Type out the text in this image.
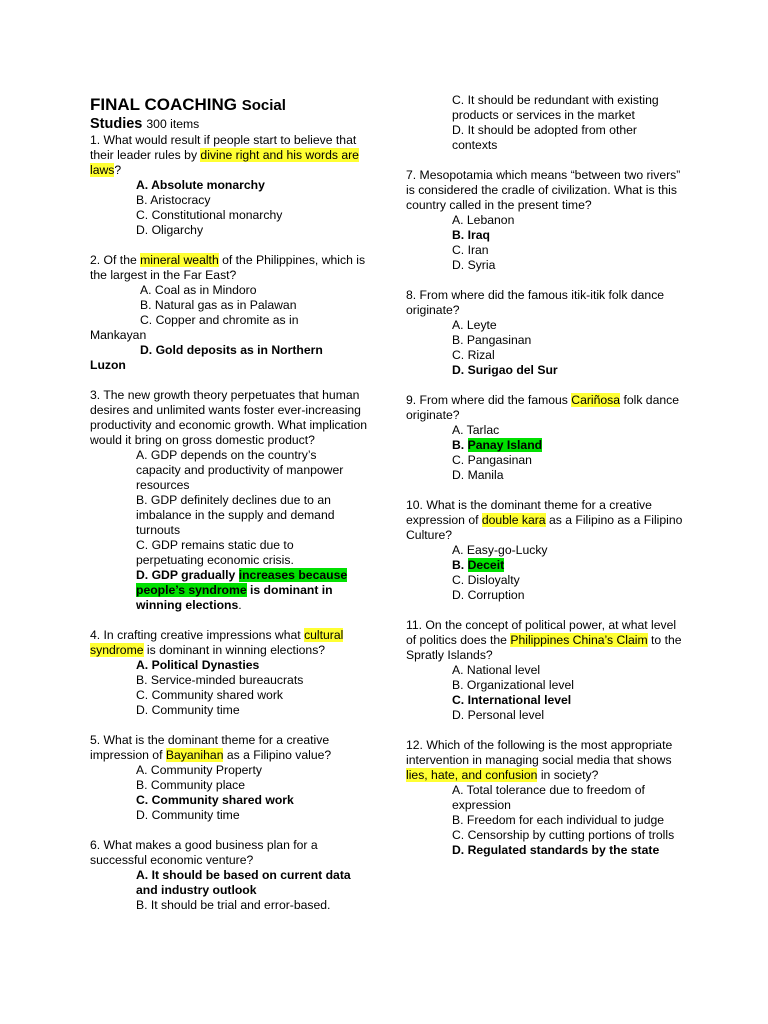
FINAL COACHING Social
Studies 300 items
1. What would result if people start to believe that their leader rules by divine right and his words are laws?
A. Absolute monarchy
B. Aristocracy
C. Constitutional monarchy
D. Oligarchy
2. Of the mineral wealth of the Philippines, which is the largest in the Far East?
A. Coal as in Mindoro
B. Natural gas as in Palawan
C. Copper and chromite as in
Mankayan
D. Gold deposits as in Northern
Luzon
3. The new growth theory perpetuates that human desires and unlimited wants foster ever-increasing productivity and economic growth. What implication would it bring on gross domestic product?
A. GDP depends on the country’s capacity and productivity of manpower resources
B. GDP definitely declines due to an imbalance in the supply and demand turnouts
C. GDP remains static due to perpetuating economic crisis.
D. GDP gradually increases because people’s syndrome is dominant in winning elections.
4. In crafting creative impressions what cultural syndrome is dominant in winning elections?
A. Political Dynasties
B. Service-minded bureaucrats
C. Community shared work
D. Community time
5. What is the dominant theme for a creative impression of Bayanihan as a Filipino value?
A. Community Property
B. Community place
C. Community shared work
D. Community time
6. What makes a good business plan for a successful economic venture?
A. It should be based on current data and industry outlook
B. It should be trial and error-based.
C. It should be redundant with existing products or services in the market
D. It should be adopted from other contexts
7. Mesopotamia which means “between two rivers” is considered the cradle of civilization. What is this country called in the present time?
A. Lebanon
B. Iraq
C. Iran
D. Syria
8. From where did the famous itik-itik folk dance originate?
A. Leyte
B. Pangasinan
C. Rizal
D. Surigao del Sur
9. From where did the famous Cariñosa folk dance originate?
A. Tarlac
B. Panay Island
C. Pangasinan
D. Manila
10. What is the dominant theme for a creative expression of double kara as a Filipino as a Filipino Culture?
A. Easy-go-Lucky
B. Deceit
C. Disloyalty
D. Corruption
11. On the concept of political power, at what level of politics does the Philippines China’s Claim to the Spratly Islands?
A. National level
B. Organizational level
C. International level
D. Personal level
12. Which of the following is the most appropriate intervention in managing social media that shows lies, hate, and confusion in society?
A. Total tolerance due to freedom of expression
B. Freedom for each individual to judge
C. Censorship by cutting portions of trolls
D. Regulated standards by the state
